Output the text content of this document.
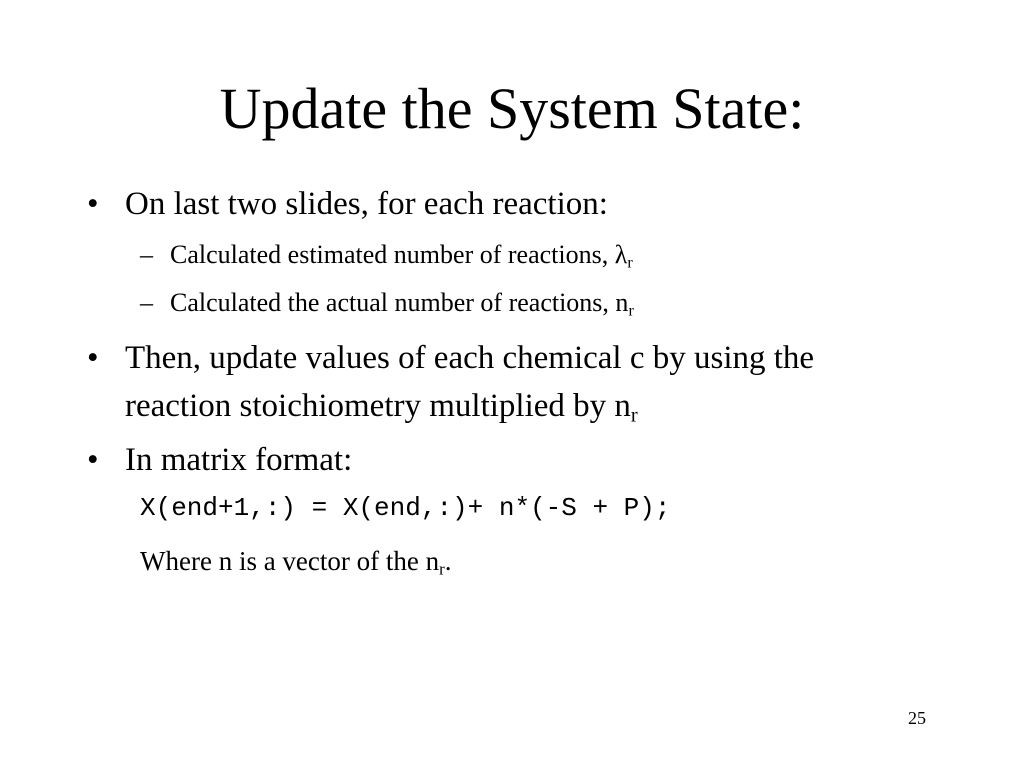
Update the System State:
• On last two slides, for each reaction:
– Calculated estimated number of reactions, $\lambda_r$
– Calculated the actual number of reactions, $n_r$
• Then, update values of each chemical c by using the
reaction stoichiometry multiplied by $n_r$
• In matrix format:
X(end+1,:) = X(end,:)+ n*(-S + P);
Where n is a vector of the $n_r$.
25
